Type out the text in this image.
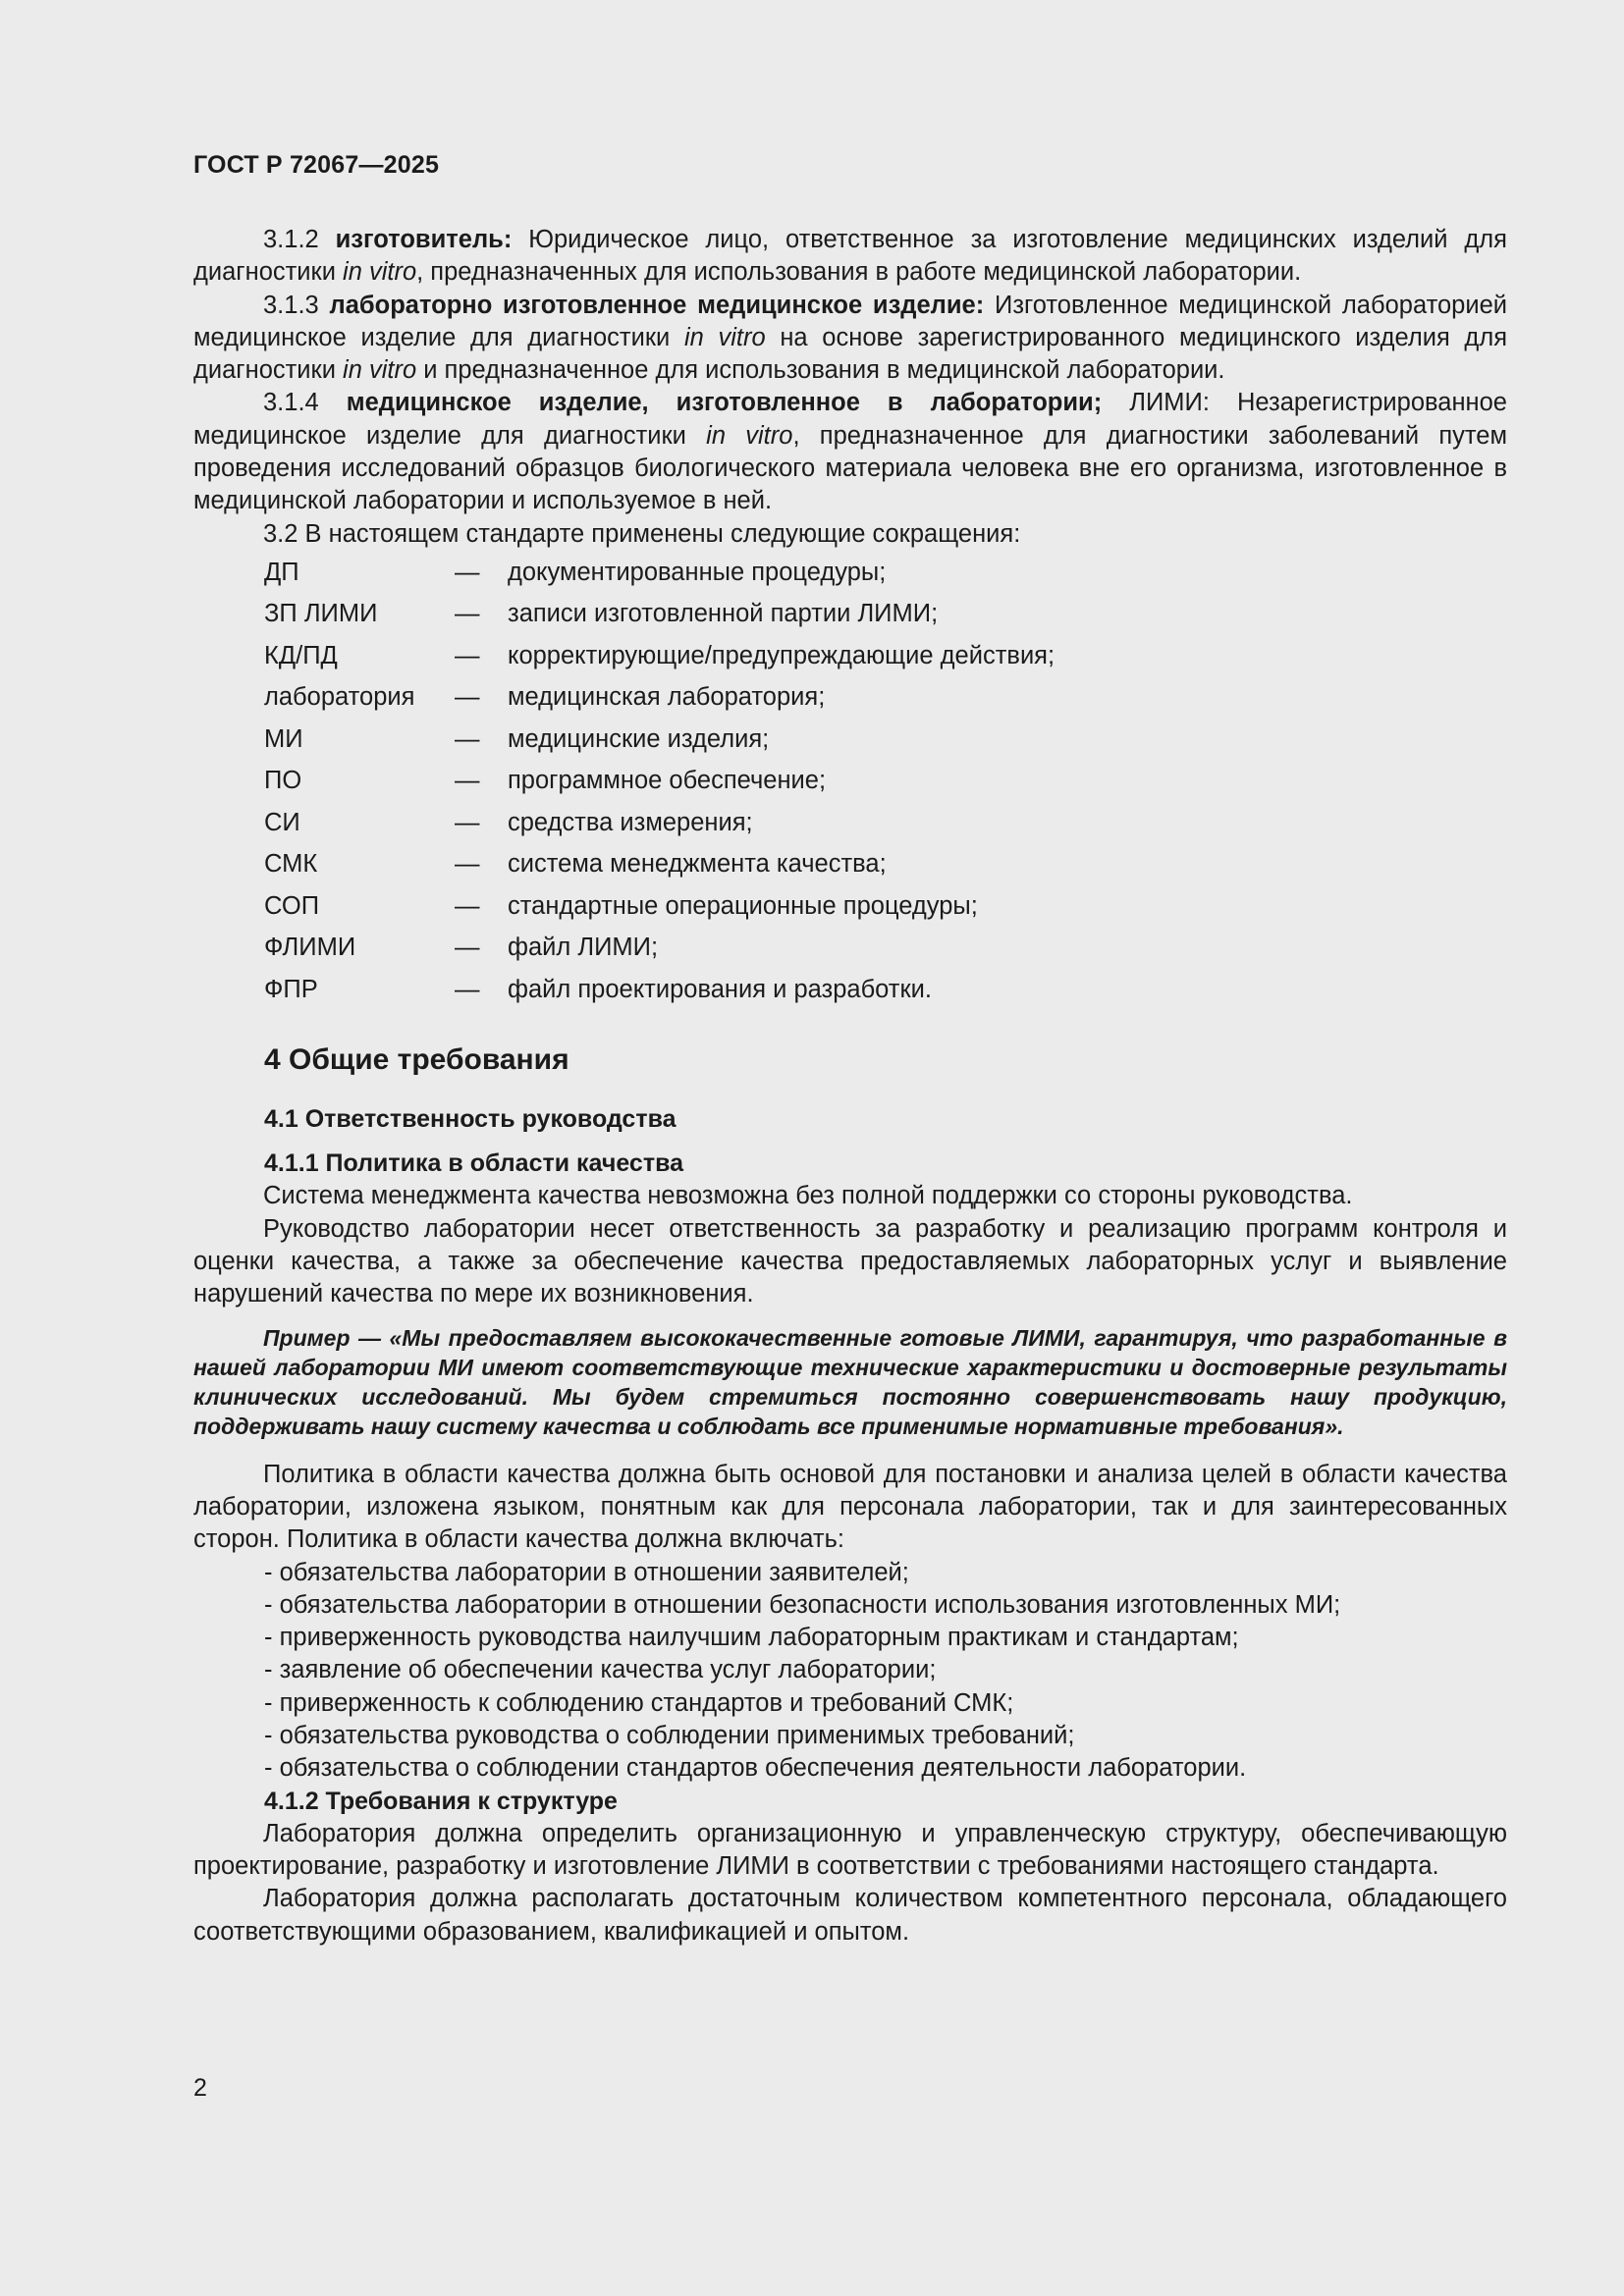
ГОСТ Р 72067—2025

3.1.2 изготовитель: Юридическое лицо, ответственное за изготовление медицинских изделий для диагностики in vitro, предназначенных для использования в работе медицинской лаборатории.

3.1.3 лабораторно изготовленное медицинское изделие: Изготовленное медицинской лабораторией медицинское изделие для диагностики in vitro на основе зарегистрированного медицинского изделия для диагностики in vitro и предназначенное для использования в медицинской лаборатории.

3.1.4 медицинское изделие, изготовленное в лаборатории; ЛИМИ: Незарегистрированное медицинское изделие для диагностики in vitro, предназначенное для диагностики заболеваний путем проведения исследований образцов биологического материала человека вне его организма, изготовленное в медицинской лаборатории и используемое в ней.

3.2 В настоящем стандарте применены следующие сокращения:

ДП	—	документированные процедуры;
ЗП ЛИМИ	—	записи изготовленной партии ЛИМИ;
КД/ПД	—	корректирующие/предупреждающие действия;
лаборатория	—	медицинская лаборатория;
МИ	—	медицинские изделия;
ПО	—	программное обеспечение;
СИ	—	средства измерения;
СМК	—	система менеджмента качества;
СОП	—	стандартные операционные процедуры;
ФЛИМИ	—	файл ЛИМИ;
ФПР	—	файл проектирования и разработки.
4 Общие требования
4.1 Ответственность руководства
4.1.1 Политика в области качества

Система менеджмента качества невозможна без полной поддержки со стороны руководства.

Руководство лаборатории несет ответственность за разработку и реализацию программ контроля и оценки качества, а также за обеспечение качества предоставляемых лабораторных услуг и выявление нарушений качества по мере их возникновения.

Пример — «Мы предоставляем высококачественные готовые ЛИМИ, гарантируя, что разработанные в нашей лаборатории МИ имеют соответствующие технические характеристики и достоверные результаты клинических исследований. Мы будем стремиться постоянно совершенствовать нашу продукцию, поддерживать нашу систему качества и соблюдать все применимые нормативные требования».

Политика в области качества должна быть основой для постановки и анализа целей в области качества лаборатории, изложена языком, понятным как для персонала лаборатории, так и для заинтересованных сторон. Политика в области качества должна включать:

- обязательства лаборатории в отношении заявителей;
- обязательства лаборатории в отношении безопасности использования изготовленных МИ;
- приверженность руководства наилучшим лабораторным практикам и стандартам;
- заявление об обеспечении качества услуг лаборатории;
- приверженность к соблюдению стандартов и требований СМК;
- обязательства руководства о соблюдении применимых требований;
- обязательства о соблюдении стандартов обеспечения деятельности лаборатории.
4.1.2 Требования к структуре

Лаборатория должна определить организационную и управленческую структуру, обеспечивающую проектирование, разработку и изготовление ЛИМИ в соответствии с требованиями настоящего стандарта.

Лаборатория должна располагать достаточным количеством компетентного персонала, обладающего соответствующими образованием, квалификацией и опытом.

2
